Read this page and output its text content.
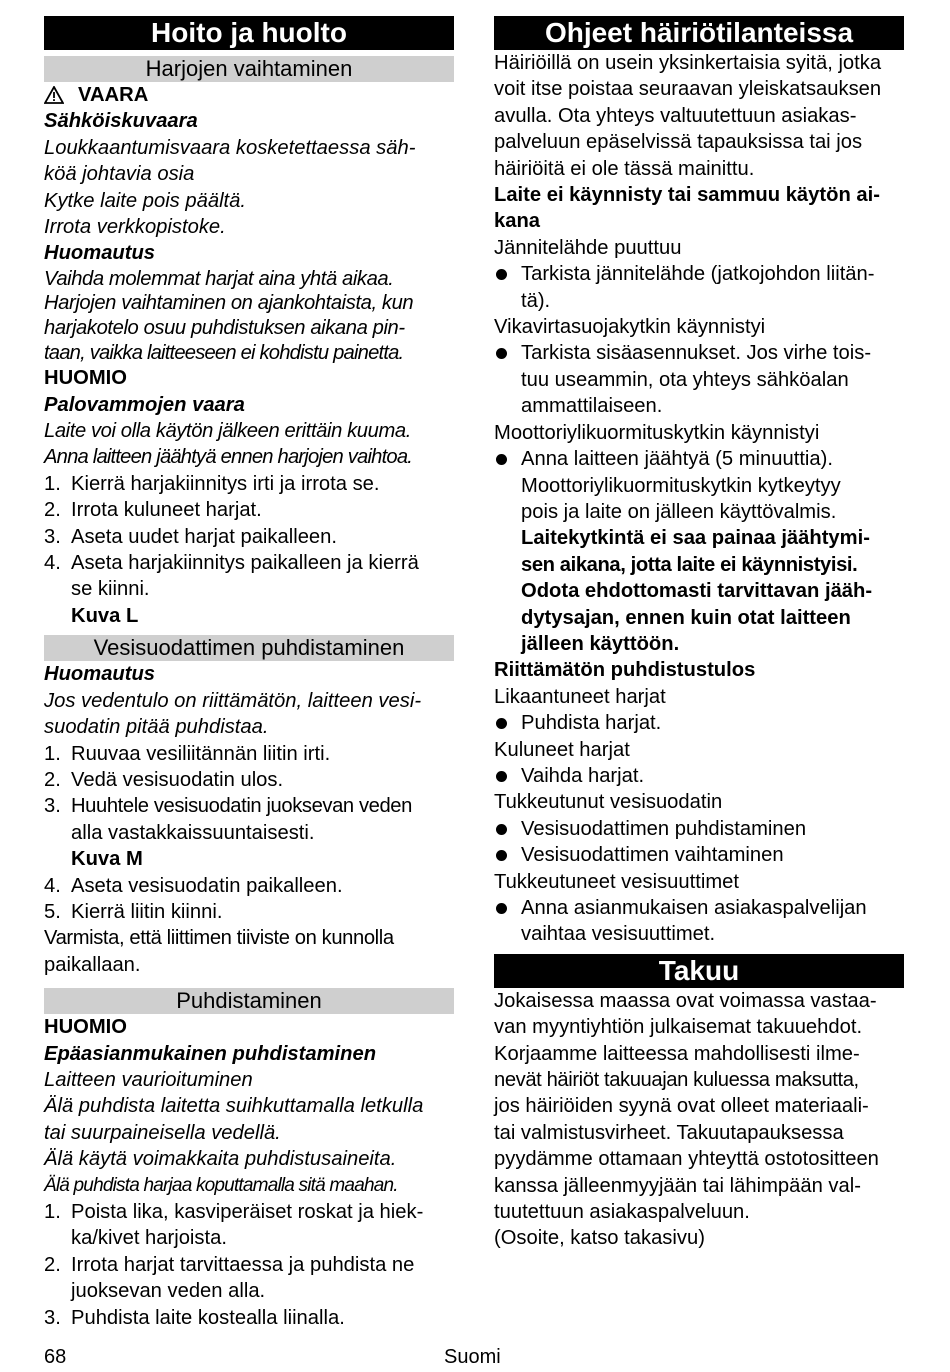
Hoito ja huolto
Harjojen vaihtaminen
VAARA
Sähköiskuvaara
Loukkaantumisvaara kosketettaessa säh-
köä johtavia osia
Kytke laite pois päältä.
Irrota verkkopistoke.
Huomautus
Vaihda molemmat harjat aina yhtä aikaa.
Harjojen vaihtaminen on ajankohtaista, kun
harjakotelo osuu puhdistuksen aikana pin-
taan, vaikka laitteeseen ei kohdistu painetta.
HUOMIO
Palovammojen vaara
Laite voi olla käytön jälkeen erittäin kuuma.
Anna laitteen jäähtyä ennen harjojen vaihtoa.
1. Kierrä harjakiinnitys irti ja irrota se.
2. Irrota kuluneet harjat.
3. Aseta uudet harjat paikalleen.
4. Aseta harjakiinnitys paikalleen ja kierrä
se kiinni.
Kuva L
Vesisuodattimen puhdistaminen
Huomautus
Jos vedentulo on riittämätön, laitteen vesi-
suodatin pitää puhdistaa.
1. Ruuvaa vesiliitännän liitin irti.
2. Vedä vesisuodatin ulos.
3. Huuhtele vesisuodatin juoksevan veden
alla vastakkaissuuntaisesti.
Kuva M
4. Aseta vesisuodatin paikalleen.
5. Kierrä liitin kiinni.
Varmista, että liittimen tiiviste on kunnolla
paikallaan.
Puhdistaminen
HUOMIO
Epäasianmukainen puhdistaminen
Laitteen vaurioituminen
Älä puhdista laitetta suihkuttamalla letkulla
tai suurpaineisella vedellä.
Älä käytä voimakkaita puhdistusaineita.
Älä puhdista harjaa koputtamalla sitä maahan.
1. Poista lika, kasviperäiset roskat ja hiek-
ka/kivet harjoista.
2. Irrota harjat tarvittaessa ja puhdista ne
juoksevan veden alla.
3. Puhdista laite kostealla liinalla.
Ohjeet häiriötilanteissa
Häiriöillä on usein yksinkertaisia syitä, jotka
voit itse poistaa seuraavan yleiskatsauksen
avulla. Ota yhteys valtuutettuun asiakas-
palveluun epäselvissä tapauksissa tai jos
häiriöitä ei ole tässä mainittu.
Laite ei käynnisty tai sammuu käytön ai-
kana
Jännitelähde puuttuu
Tarkista jännitelähde (jatkojohdon liitän-
tä).
Vikavirtasuojakytkin käynnistyi
Tarkista sisäasennukset. Jos virhe tois-
tuu useammin, ota yhteys sähköalan
ammattilaiseen.
Moottoriylikuormituskytkin käynnistyi
Anna laitteen jäähtyä (5 minuuttia).
Moottoriylikuormituskytkin kytkeytyy
pois ja laite on jälleen käyttövalmis.
Laitekytkintä ei saa painaa jäähtymi-
sen aikana, jotta laite ei käynnistyisi.
Odota ehdottomasti tarvittavan jääh-
dytysajan, ennen kuin otat laitteen
jälleen käyttöön.
Riittämätön puhdistustulos
Likaantuneet harjat
Puhdista harjat.
Kuluneet harjat
Vaihda harjat.
Tukkeutunut vesisuodatin
Vesisuodattimen puhdistaminen
Vesisuodattimen vaihtaminen
Tukkeutuneet vesisuuttimet
Anna asianmukaisen asiakaspalvelijan
vaihtaa vesisuuttimet.
Takuu
Jokaisessa maassa ovat voimassa vastaa-
van myyntiyhtiön julkaisemat takuuehdot.
Korjaamme laitteessa mahdollisesti ilme-
nevät häiriöt takuuajan kuluessa maksutta,
jos häiriöiden syynä ovat olleet materiaali-
tai valmistusvirheet. Takuutapauksessa
pyydämme ottamaan yhteyttä ostotositteen
kanssa jälleenmyyjään tai lähimpään val-
tuutettuun asiakaspalveluun.
(Osoite, katso takasivu)
68	Suomi
